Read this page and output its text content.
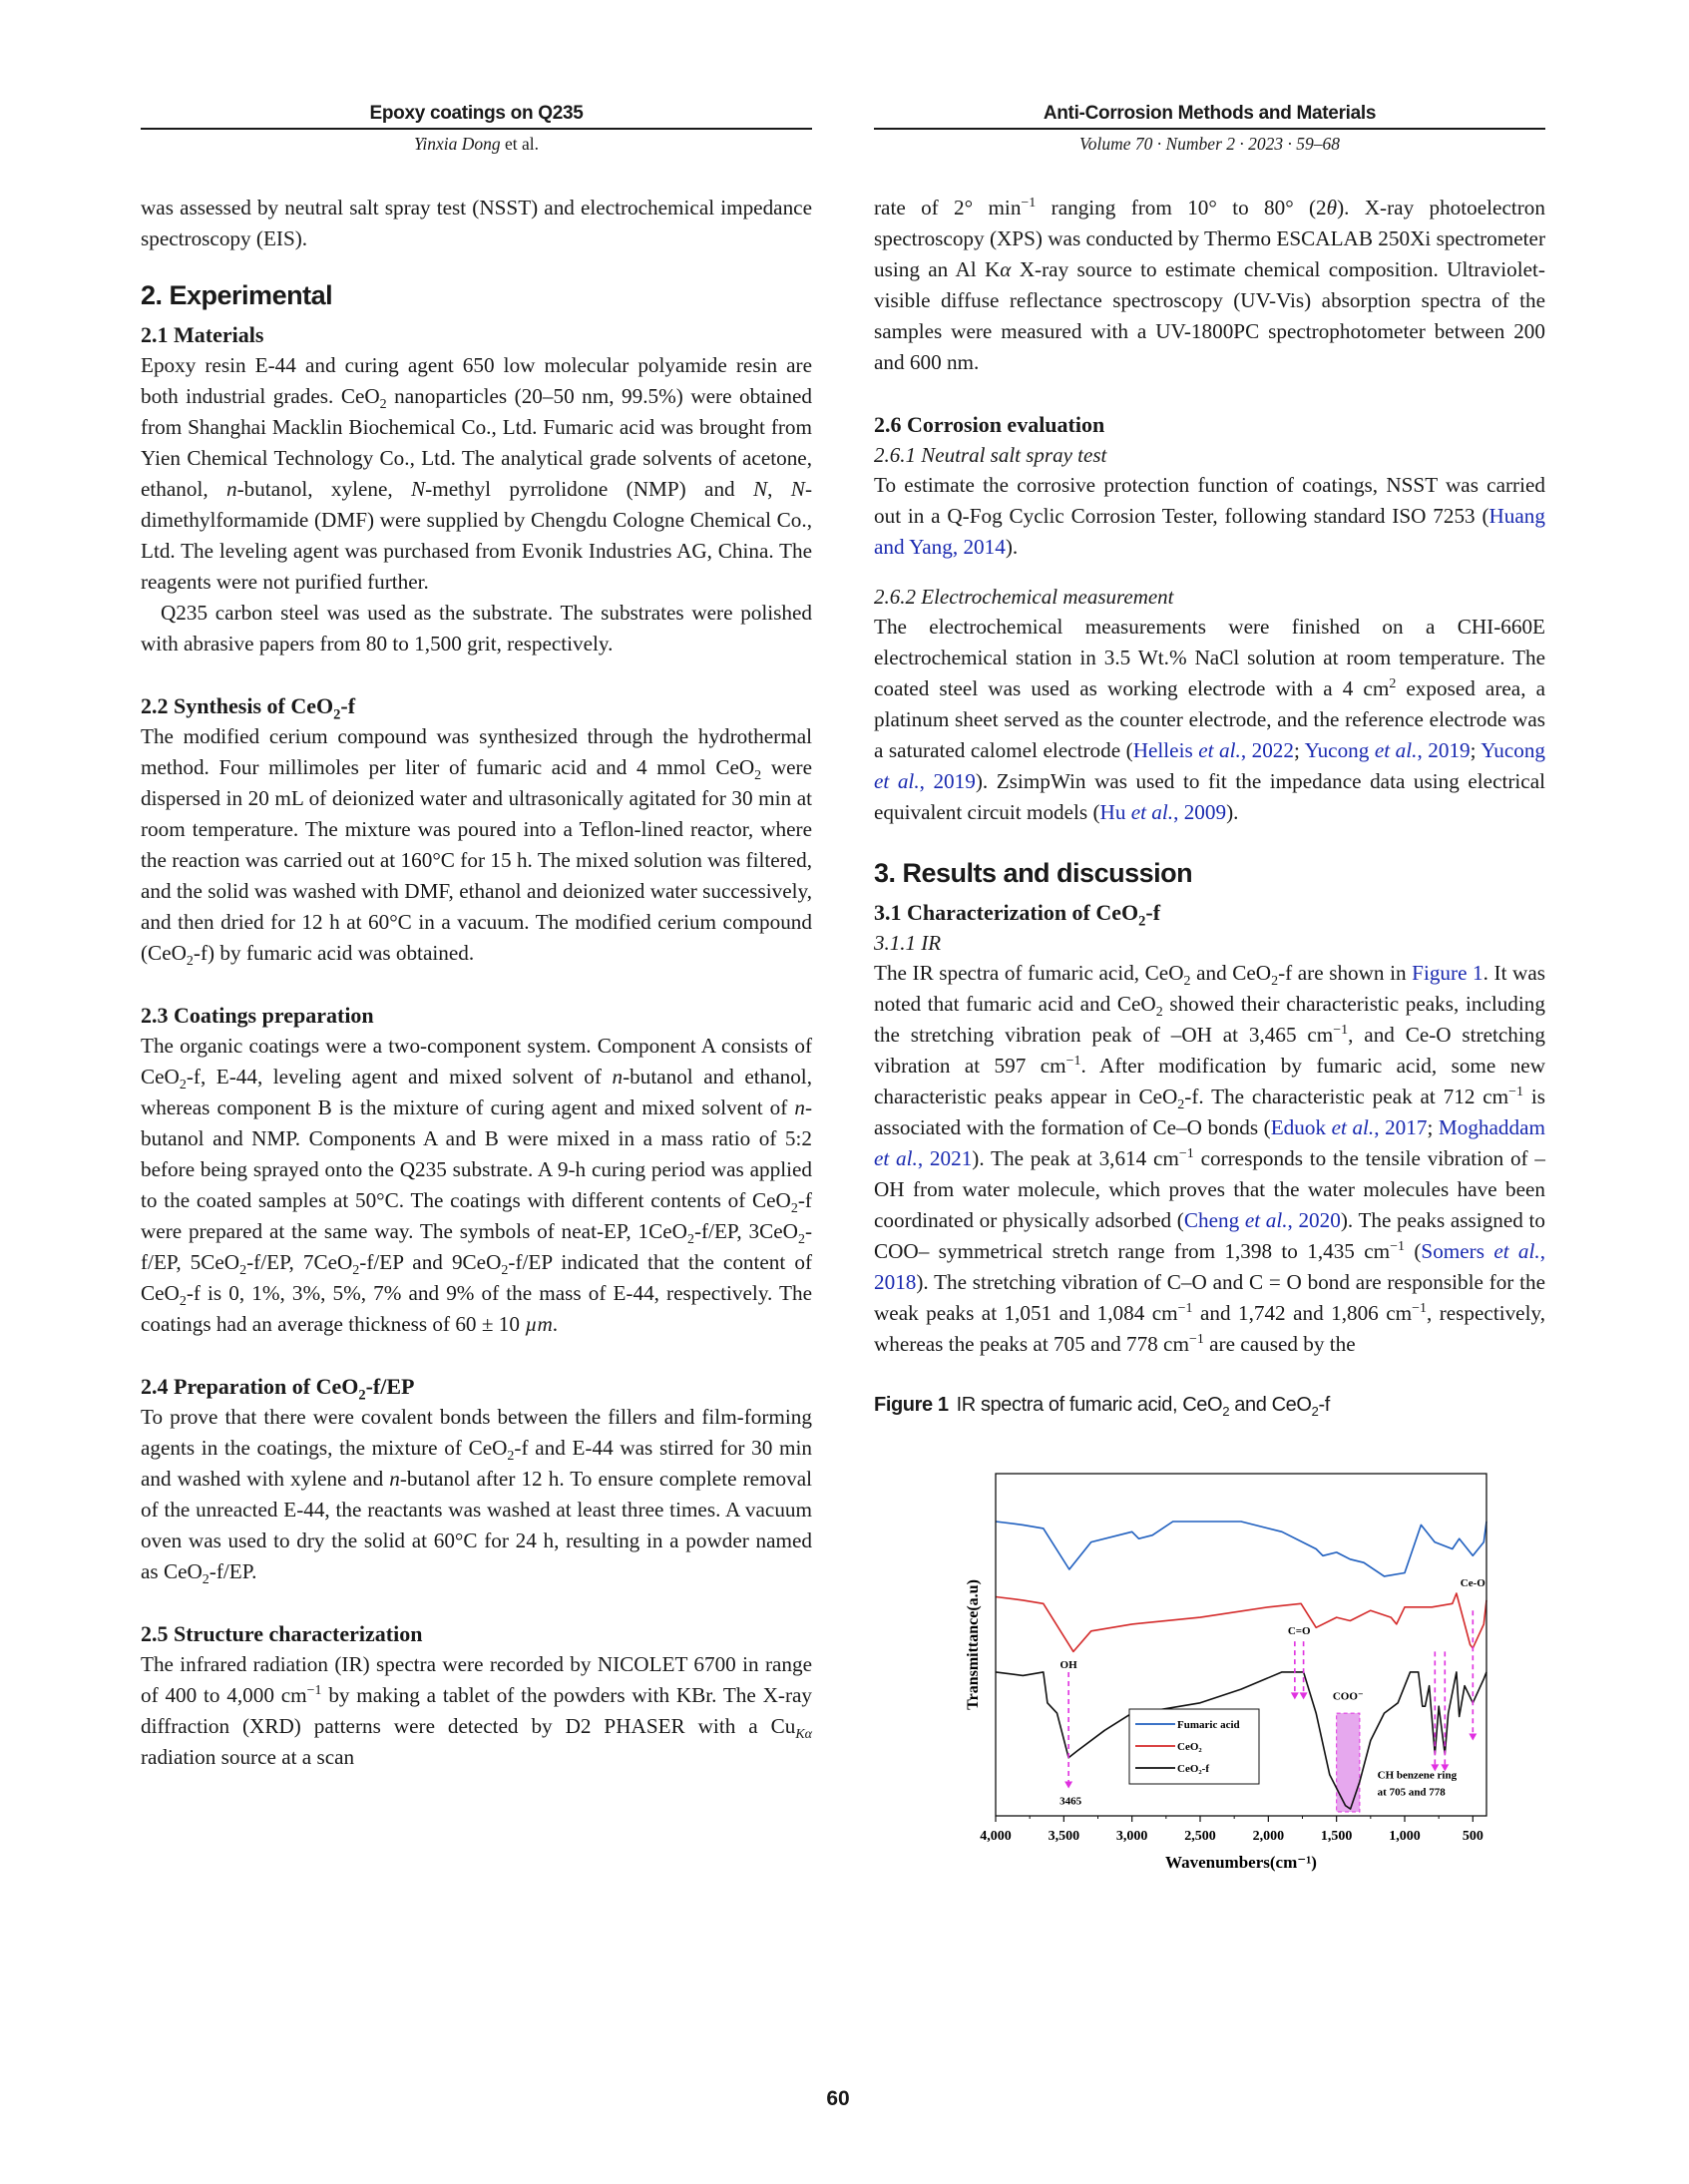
Epoxy coatings on Q235
Yinxia Dong et al.

was assessed by neutral salt spray test (NSST) and electrochemical impedance spectroscopy (EIS).

2. Experimental
2.1 Materials

Epoxy resin E-44 and curing agent 650 low molecular polyamide resin are both industrial grades. CeO$_2$ nanoparticles (20–50 nm, 99.5%) were obtained from Shanghai Macklin Biochemical Co., Ltd. Fumaric acid was brought from Yien Chemical Technology Co., Ltd. The analytical grade solvents of acetone, ethanol, n-butanol, xylene, N-methyl pyrrolidone (NMP) and N, N-dimethylformamide (DMF) were supplied by Chengdu Cologne Chemical Co., Ltd. The leveling agent was purchased from Evonik Industries AG, China. The reagents were not purified further.

Q235 carbon steel was used as the substrate. The substrates were polished with abrasive papers from 80 to 1,500 grit, respectively.

2.2 Synthesis of CeO$_2$-f

The modified cerium compound was synthesized through the hydrothermal method. Four millimoles per liter of fumaric acid and 4 mmol CeO$_2$ were dispersed in 20 mL of deionized water and ultrasonically agitated for 30 min at room temperature. The mixture was poured into a Teflon-lined reactor, where the reaction was carried out at 160°C for 15 h. The mixed solution was filtered, and the solid was washed with DMF, ethanol and deionized water successively, and then dried for 12 h at 60°C in a vacuum. The modified cerium compound (CeO$_2$-f) by fumaric acid was obtained.

2.3 Coatings preparation

The organic coatings were a two-component system. Component A consists of CeO$_2$-f, E-44, leveling agent and mixed solvent of n-butanol and ethanol, whereas component B is the mixture of curing agent and mixed solvent of n-butanol and NMP. Components A and B were mixed in a mass ratio of 5:2 before being sprayed onto the Q235 substrate. A 9-h curing period was applied to the coated samples at 50°C. The coatings with different contents of CeO$_2$-f were prepared at the same way. The symbols of neat-EP, 1CeO$_2$-f/EP, 3CeO$_2$-f/EP, 5CeO$_2$-f/EP, 7CeO$_2$-f/EP and 9CeO$_2$-f/EP indicated that the content of CeO$_2$-f is 0, 1%, 3%, 5%, 7% and 9% of the mass of E-44, respectively. The coatings had an average thickness of 60 ± 10 µm.

2.4 Preparation of CeO$_2$-f/EP

To prove that there were covalent bonds between the fillers and film-forming agents in the coatings, the mixture of CeO$_2$-f and E-44 was stirred for 30 min and washed with xylene and n-butanol after 12 h. To ensure complete removal of the unreacted E-44, the reactants was washed at least three times. A vacuum oven was used to dry the solid at 60°C for 24 h, resulting in a powder named as CeO$_2$-f/EP.

2.5 Structure characterization

The infrared radiation (IR) spectra were recorded by NICOLET 6700 in range of 400 to 4,000 $cm^{-1}$ by making a tablet of the powders with KBr. The X-ray diffraction (XRD) patterns were detected by D2 PHASER with a $Cu_{K\alpha}$ radiation source at a scan

Anti-Corrosion Methods and Materials
Volume 70 · Number 2 · 2023 · 59–68

rate of 2° $\min^{-1}$ ranging from 10° to 80° (2θ). X-ray photoelectron spectroscopy (XPS) was conducted by Thermo ESCALAB 250Xi spectrometer using an Al Kα X-ray source to estimate chemical composition. Ultraviolet-visible diffuse reflectance spectroscopy (UV-Vis) absorption spectra of the samples were measured with a UV-1800PC spectrophotometer between 200 and 600 nm.

2.6 Corrosion evaluation
2.6.1 Neutral salt spray test

To estimate the corrosive protection function of coatings, NSST was carried out in a Q-Fog Cyclic Corrosion Tester, following standard ISO 7253 (Huang and Yang, 2014).

2.6.2 Electrochemical measurement

The electrochemical measurements were finished on a CHI-660E electrochemical station in 3.5 Wt.% NaCl solution at room temperature. The coated steel was used as working electrode with a 4 $cm^2$ exposed area, a platinum sheet served as the counter electrode, and the reference electrode was a saturated calomel electrode (Helleis et al., 2022; Yucong et al., 2019; Yucong et al., 2019). ZsimpWin was used to fit the impedance data using electrical equivalent circuit models (Hu et al., 2009).

3. Results and discussion
3.1 Characterization of CeO$_2$-f
3.1.1 IR

The IR spectra of fumaric acid, CeO$_2$ and CeO$_2$-f are shown in Figure 1. It was noted that fumaric acid and CeO$_2$ showed their characteristic peaks, including the stretching vibration peak of –OH at 3,465 $cm^{-1}$, and Ce-O stretching vibration at 597 $cm^{-1}$. After modification by fumaric acid, some new characteristic peaks appear in CeO$_2$-f. The characteristic peak at 712 $cm^{-1}$ is associated with the formation of Ce–O bonds (Eduok et al., 2017; Moghaddam et al., 2021). The peak at 3,614 $cm^{-1}$ corresponds to the tensile vibration of –OH from water molecule, which proves that the water molecules have been coordinated or physically adsorbed (Cheng et al., 2020). The peaks assigned to COO– symmetrical stretch range from 1,398 to 1,435 $cm^{-1}$ (Somers et al., 2018). The stretching vibration of C–O and C = O bond are responsible for the weak peaks at 1,051 and 1,084 $cm^{-1}$ and 1,742 and 1,806 $cm^{-1}$, respectively, whereas the peaks at 705 and 778 $cm^{-1}$ are caused by the

Figure 1 IR spectra of fumaric acid, CeO$_2$ and CeO$_2$-f
4,000	3,500	3,000	2,500	2,000	1,500	1,000	500
Wavenumbers(cm⁻¹)
Transmittance(a.u)	OH
3465
C=O
COO⁻
CH benzene ring
at 705 and 778
Ce-O
Fumaric acid
CeO₂
CeO₂-f
60
